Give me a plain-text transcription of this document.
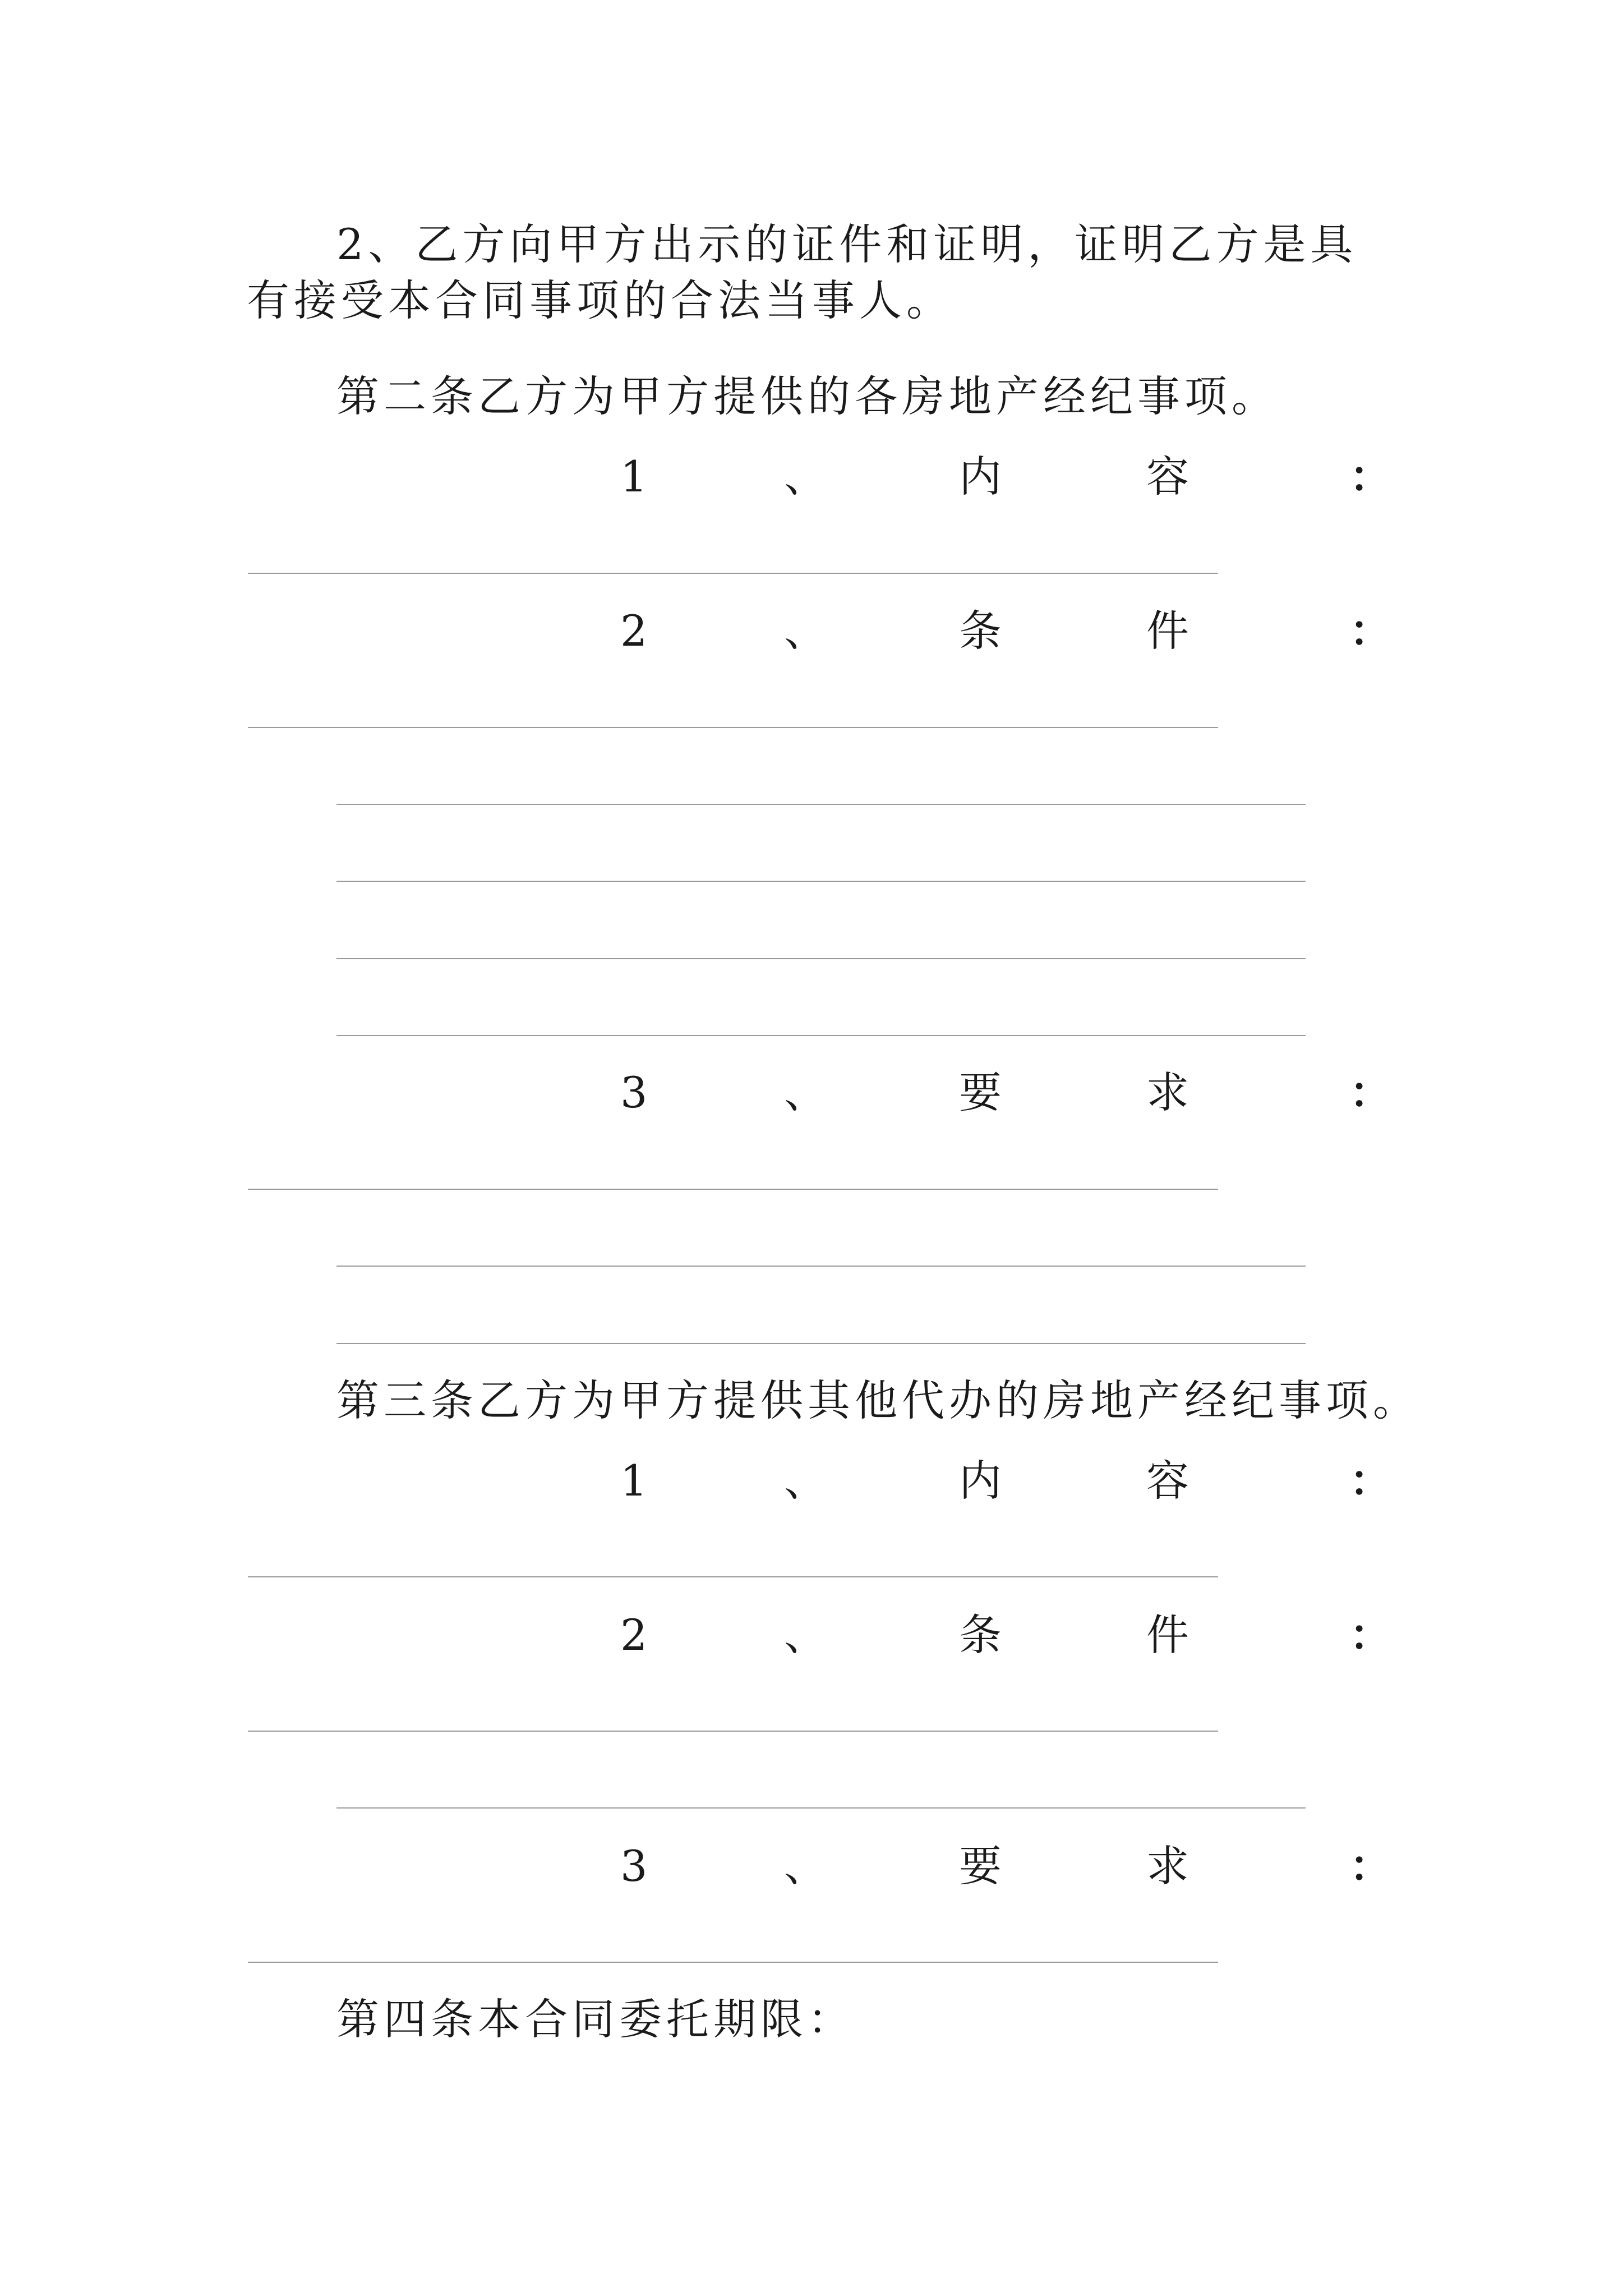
2、乙方向甲方出示的证件和证明，证明乙方是具有接受本合同事项的合法当事人。

第二条乙方为甲方提供的各房地产经纪事项。
1	、	内	容	：
2	、	条	件	：
3	、	要	求	：
第三条乙方为甲方提供其他代办的房地产经纪事项。
1	、	内	容	：
2	、	条	件	：
3	、	要	求	：
第四条本合同委托期限：
